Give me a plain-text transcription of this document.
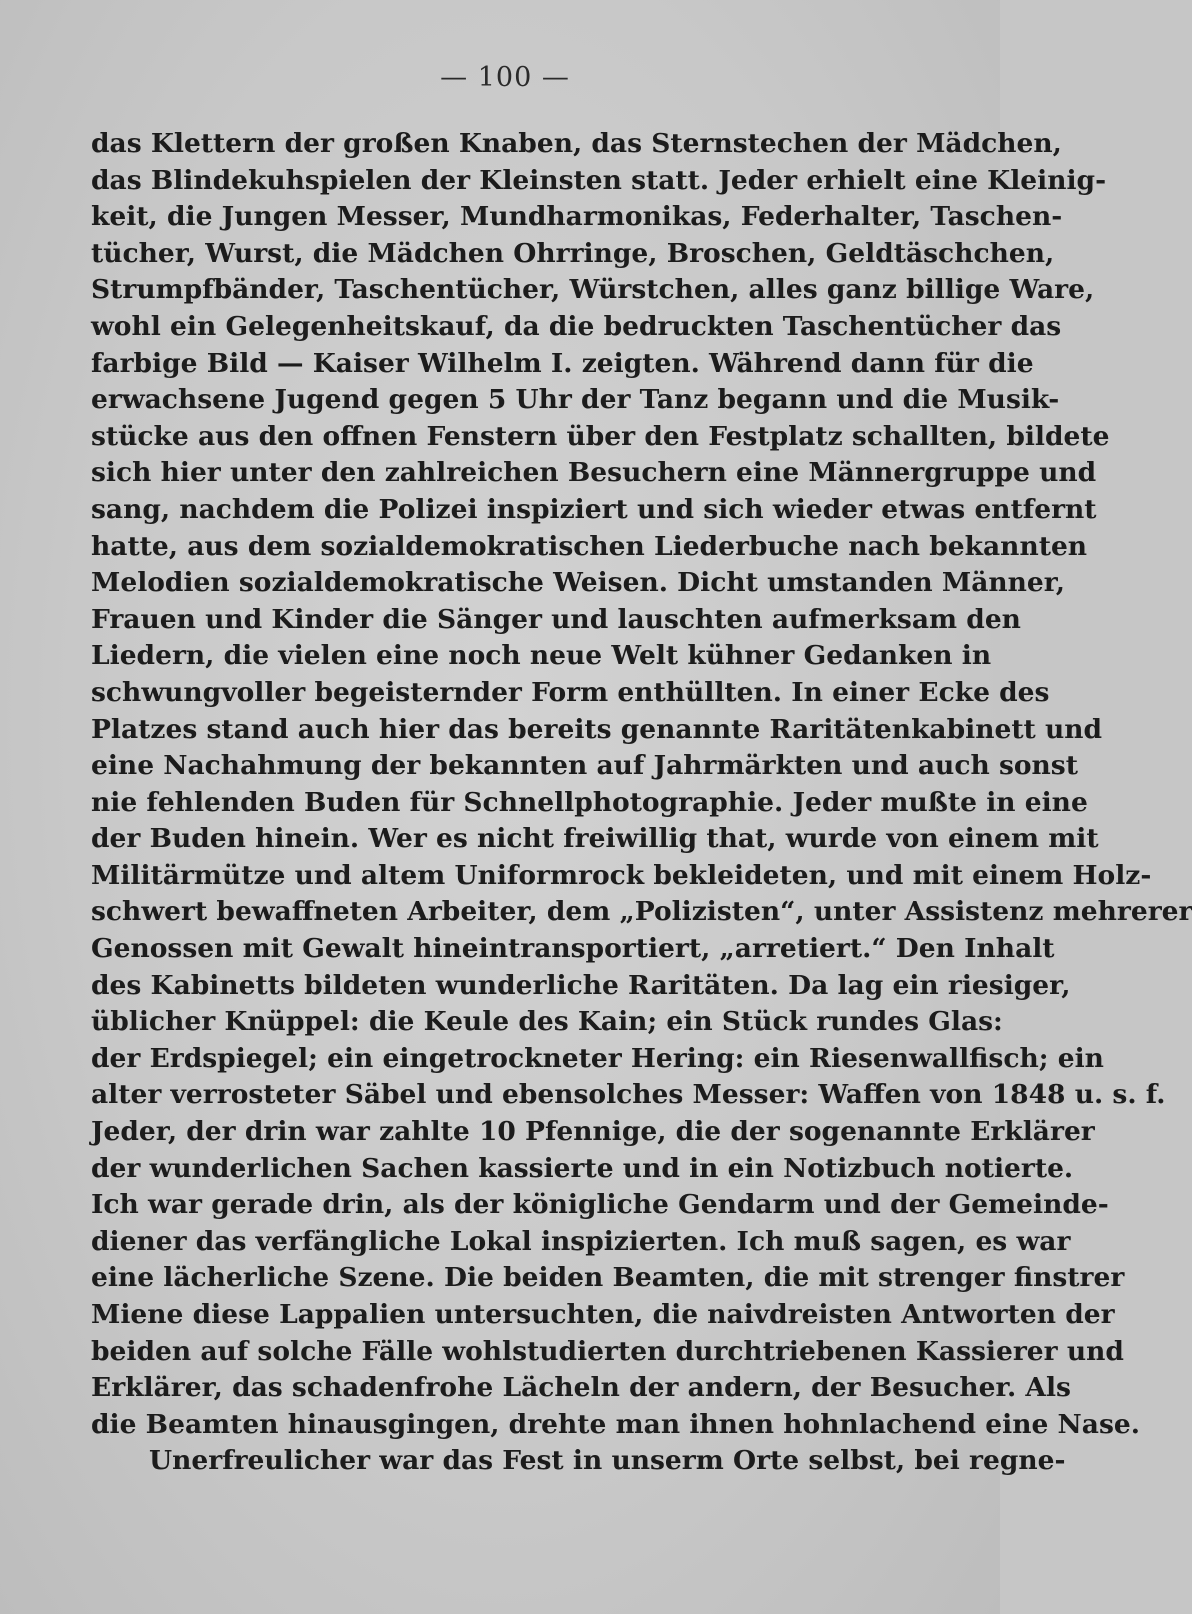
— 100 —
das Klettern der großen Knaben, das Sternstechen der Mädchen,
das Blindekuhspielen der Kleinsten statt. Jeder erhielt eine Kleinig-
keit, die Jungen Messer, Mundharmonikas, Federhalter, Taschen-
tücher, Wurst, die Mädchen Ohrringe, Broschen, Geldtäschchen,
Strumpfbänder, Taschentücher, Würstchen, alles ganz billige Ware,
wohl ein Gelegenheitskauf, da die bedruckten Taschentücher das
farbige Bild — Kaiser Wilhelm I. zeigten. Während dann für die
erwachsene Jugend gegen 5 Uhr der Tanz begann und die Musik-
stücke aus den offnen Fenstern über den Festplatz schallten, bildete
sich hier unter den zahlreichen Besuchern eine Männergruppe und
sang, nachdem die Polizei inspiziert und sich wieder etwas entfernt
hatte, aus dem sozialdemokratischen Liederbuche nach bekannten
Melodien sozialdemokratische Weisen. Dicht umstanden Männer,
Frauen und Kinder die Sänger und lauschten aufmerksam den
Liedern, die vielen eine noch neue Welt kühner Gedanken in
schwungvoller begeisternder Form enthüllten. In einer Ecke des
Platzes stand auch hier das bereits genannte Raritätenkabinett und
eine Nachahmung der bekannten auf Jahrmärkten und auch sonst
nie fehlenden Buden für Schnellphotographie. Jeder mußte in eine
der Buden hinein. Wer es nicht freiwillig that, wurde von einem mit
Militärmütze und altem Uniformrock bekleideten, und mit einem Holz-
schwert bewaffneten Arbeiter, dem „Polizisten“, unter Assistenz mehrerer
Genossen mit Gewalt hineintransportiert, „arretiert.“ Den Inhalt
des Kabinetts bildeten wunderliche Raritäten. Da lag ein riesiger,
üblicher Knüppel: die Keule des Kain; ein Stück rundes Glas:
der Erdspiegel; ein eingetrockneter Hering: ein Riesenwallfisch; ein
alter verrosteter Säbel und ebensolches Messer: Waffen von 1848 u. s. f.
Jeder, der drin war zahlte 10 Pfennige, die der sogenannte Erklärer
der wunderlichen Sachen kassierte und in ein Notizbuch notierte.
Ich war gerade drin, als der königliche Gendarm und der Gemeinde-
diener das verfängliche Lokal inspizierten. Ich muß sagen, es war
eine lächerliche Szene. Die beiden Beamten, die mit strenger finstrer
Miene diese Lappalien untersuchten, die naivdreisten Antworten der
beiden auf solche Fälle wohlstudierten durchtriebenen Kassierer und
Erklärer, das schadenfrohe Lächeln der andern, der Besucher. Als
die Beamten hinausgingen, drehte man ihnen hohnlachend eine Nase.
Unerfreulicher war das Fest in unserm Orte selbst, bei regne-
